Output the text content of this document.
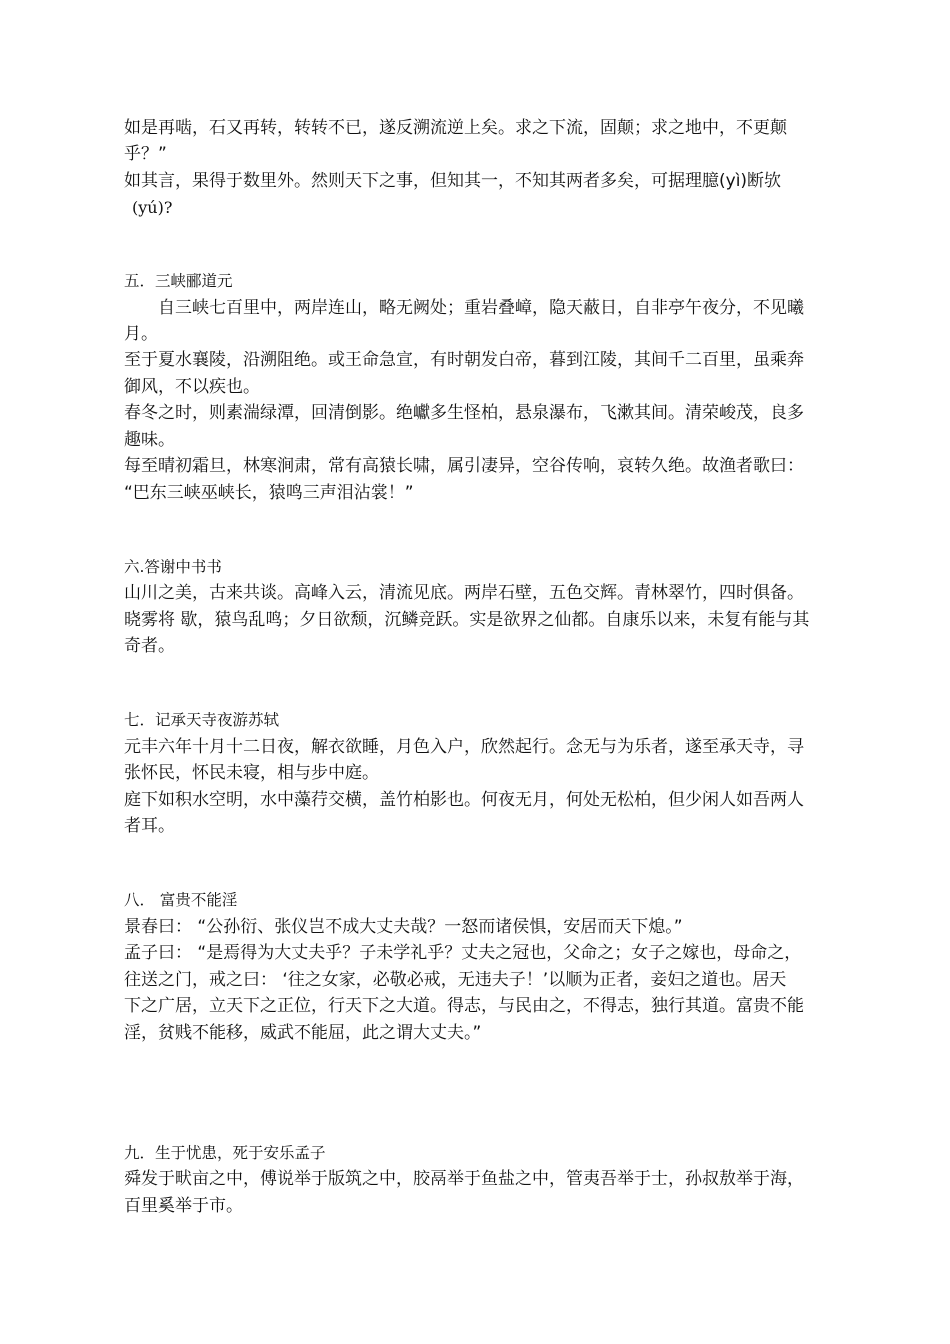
如是再啮，石又再转，转转不已，遂反溯流逆上矣。求之下流，固颠；求之地中，不更颠
乎？”
如其言，果得于数里外。然则天下之事，但知其一，不知其两者多矣，可据理臆(yì)断欤
(yú)?
五．三峡郦道元
自三峡七百里中，两岸连山，略无阙处；重岩叠嶂，隐天蔽日，自非亭午夜分，不见曦
月。
至于夏水襄陵，沿溯阻绝。或王命急宣，有时朝发白帝，暮到江陵，其间千二百里，虽乘奔
御风，不以疾也。
春冬之时，则素湍绿潭，回清倒影。绝巘多生怪柏，悬泉瀑布，飞漱其间。清荣峻茂，良多
趣味。
每至晴初霜旦，林寒涧肃，常有高猿长啸，属引凄异，空谷传响，哀转久绝。故渔者歌曰：
“巴东三峡巫峡长，猿鸣三声泪沾裳！”
六.答谢中书书
山川之美，古来共谈。高峰入云，清流见底。两岸石壁，五色交辉。青林翠竹，四时俱备。
晓雾将 歇，猿鸟乱鸣；夕日欲颓，沉鳞竞跃。实是欲界之仙都。自康乐以来，未复有能与其
奇者。
七．记承天寺夜游苏轼
元丰六年十月十二日夜，解衣欲睡，月色入户，欣然起行。念无与为乐者，遂至承天寺，寻
张怀民，怀民未寝，相与步中庭。
庭下如积水空明，水中藻荇交横，盖竹柏影也。何夜无月，何处无松柏，但少闲人如吾两人
者耳。
八． 富贵不能淫
景春曰： “公孙衍、张仪岂不成大丈夫哉？一怒而诸侯惧，安居而天下熄。”
孟子曰： “是焉得为大丈夫乎？子未学礼乎？丈夫之冠也，父命之；女子之嫁也，母命之，
往送之门，戒之曰： ‘往之女家，必敬必戒，无违夫子！’以顺为正者，妾妇之道也。居天
下之广居，立天下之正位，行天下之大道。得志，与民由之，不得志，独行其道。富贵不能
淫，贫贱不能移，威武不能屈，此之谓大丈夫。”
九．生于忧患，死于安乐孟子
舜发于畎亩之中，傅说举于版筑之中，胶鬲举于鱼盐之中，管夷吾举于士，孙叔敖举于海，
百里奚举于市。
